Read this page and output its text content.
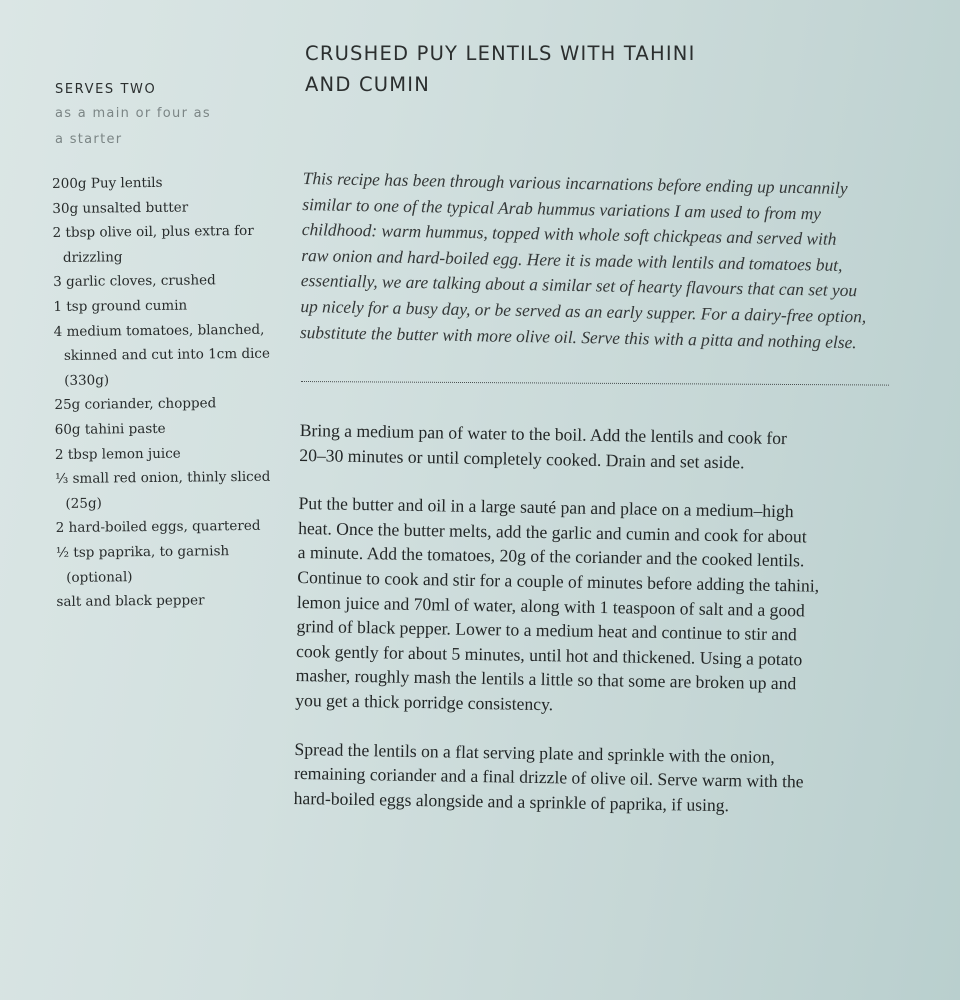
CRUSHED PUY LENTILS WITH TAHINI
AND CUMIN
SERVES TWO
as a main or four as
a starter
200g Puy lentils
30g unsalted butter
2 tbsp olive oil, plus extra for drizzling
3 garlic cloves, crushed
1 tsp ground cumin
4 medium tomatoes, blanched, skinned and cut into 1cm dice (330g)
25g coriander, chopped
60g tahini paste
2 tbsp lemon juice
⅓ small red onion, thinly sliced (25g)
2 hard-boiled eggs, quartered
½ tsp paprika, to garnish (optional)
salt and black pepper

This recipe has been through various incarnations before ending up uncannily
similar to one of the typical Arab hummus variations I am used to from my
childhood: warm hummus, topped with whole soft chickpeas and served with
raw onion and hard-boiled egg. Here it is made with lentils and tomatoes but,
essentially, we are talking about a similar set of hearty flavours that can set you
up nicely for a busy day, or be served as an early supper. For a dairy-free option,
substitute the butter with more olive oil. Serve this with a pitta and nothing else.

Bring a medium pan of water to the boil. Add the lentils and cook for
20–30 minutes or until completely cooked. Drain and set aside.

Put the butter and oil in a large sauté pan and place on a medium–high
heat. Once the butter melts, add the garlic and cumin and cook for about
a minute. Add the tomatoes, 20g of the coriander and the cooked lentils.
Continue to cook and stir for a couple of minutes before adding the tahini,
lemon juice and 70ml of water, along with 1 teaspoon of salt and a good
grind of black pepper. Lower to a medium heat and continue to stir and
cook gently for about 5 minutes, until hot and thickened. Using a potato
masher, roughly mash the lentils a little so that some are broken up and
you get a thick porridge consistency.

Spread the lentils on a flat serving plate and sprinkle with the onion,
remaining coriander and a final drizzle of olive oil. Serve warm with the
hard-boiled eggs alongside and a sprinkle of paprika, if using.
